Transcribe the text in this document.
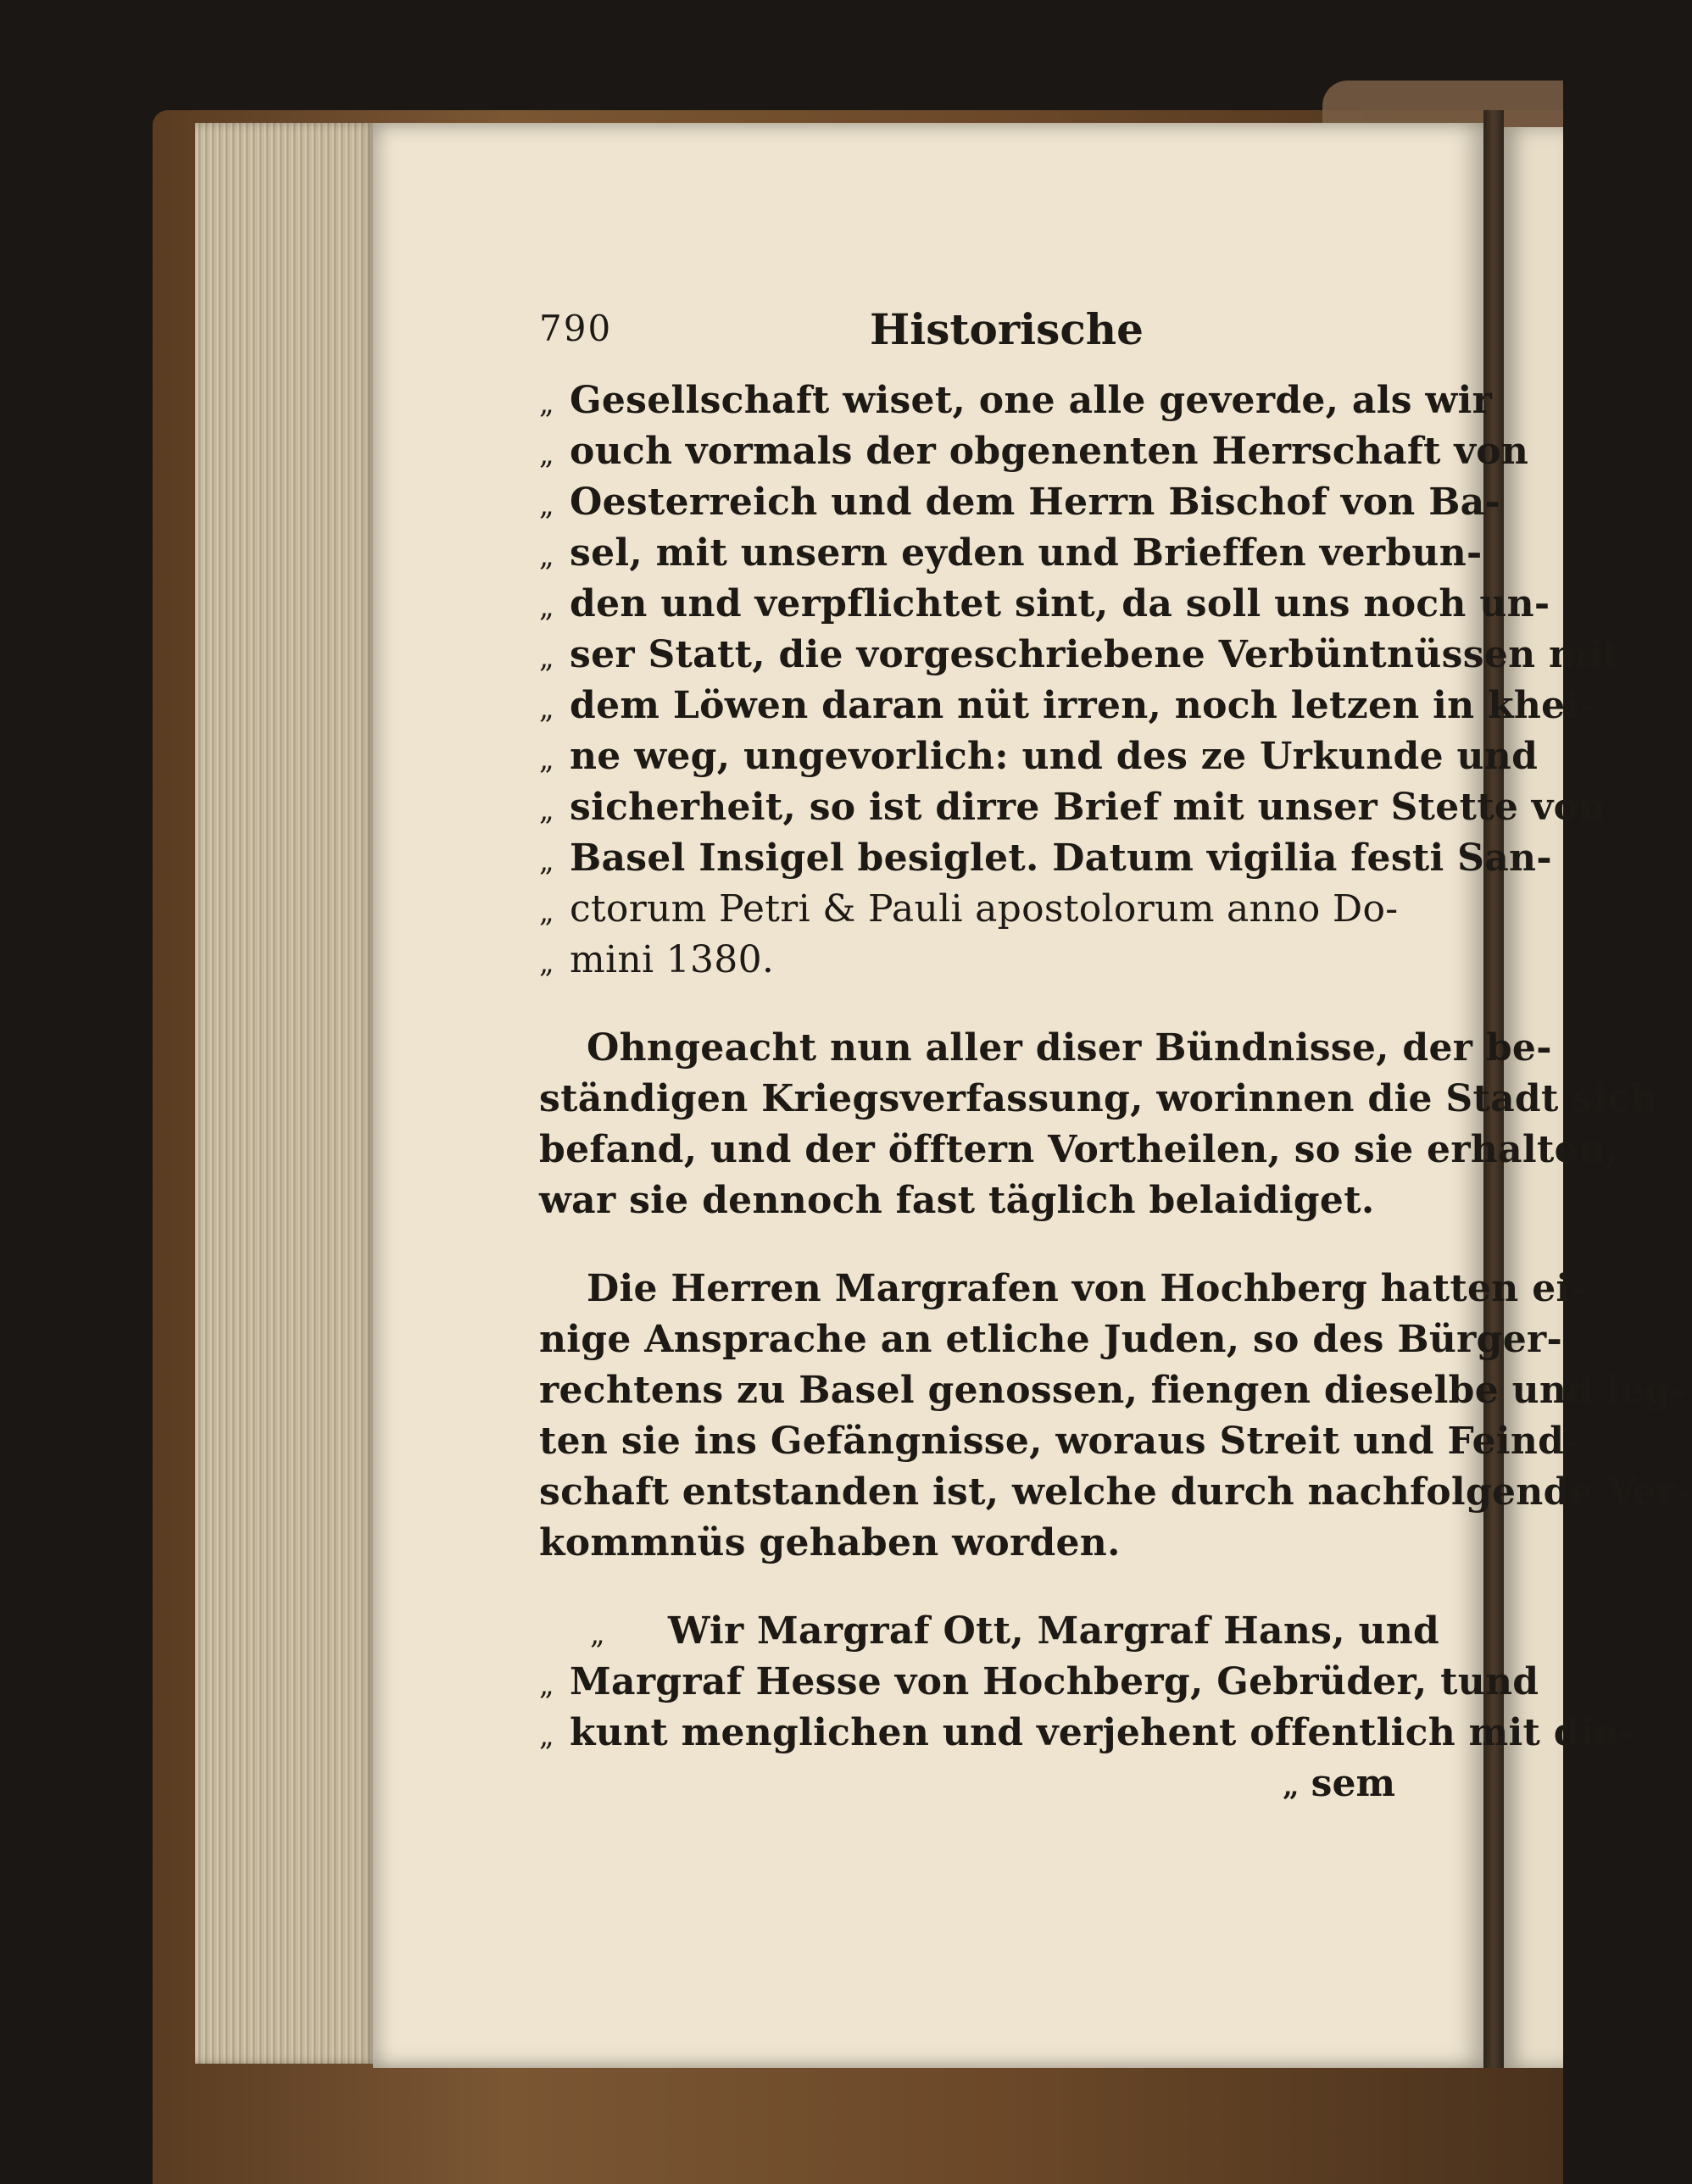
790	Historische
„ Gesellschaft wiset, one alle geverde, als wir
„ ouch vormals der obgenenten Herrschaft von
„ Oesterreich und dem Herrn Bischof von Ba-
„ sel, mit unsern eyden und Brieffen verbun-
„ den und verpflichtet sint, da soll uns noch un-
„ ser Statt, die vorgeschriebene Verbüntnüssen mit
„ dem Löwen daran nüt irren, noch letzen in khei-
„ ne weg, ungevorlich: und des ze Urkunde und
„ sicherheit, so ist dirre Brief mit unser Stette von
„ Basel Insigel besiglet. Datum vigilia festi San-
„ ctorum Petri & Pauli apostolorum anno Do-
„ mini 1380.
Ohngeacht nun aller diser Bündnisse, der be-
ständigen Kriegsverfassung, worinnen die Stadt sich
befand, und der öfftern Vortheilen, so sie erhalten,
war sie dennoch fast täglich belaidiget.
Die Herren Margrafen von Hochberg hatten ei-
nige Ansprache an etliche Juden, so des Bürger-
rechtens zu Basel genossen, fiengen dieselbe und leg-
ten sie ins Gefängnisse, woraus Streit und Feind-
schaft entstanden ist, welche durch nachfolgende Ver-
kommnüs gehaben worden.
„	Wir Margraf Ott, Margraf Hans, und
„ Margraf Hesse von Hochberg, Gebrüder, tund
„ kunt menglichen und verjehent offentlich mit die-
„ sem
